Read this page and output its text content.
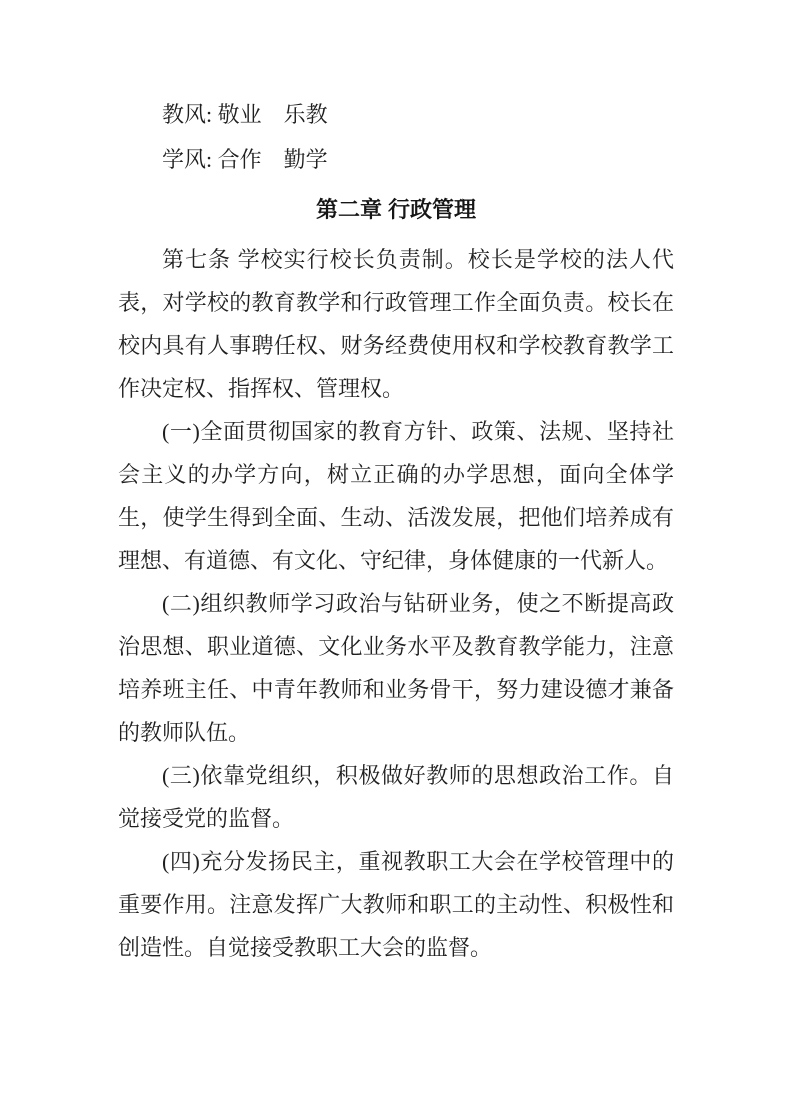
教风: 敬业　乐教

学风: 合作　勤学

第二章 行政管理

第七条 学校实行校长负责制。校长是学校的法人代表，对学校的教育教学和行政管理工作全面负责。校长在校内具有人事聘任权、财务经费使用权和学校教育教学工作决定权、指挥权、管理权。

(一)全面贯彻国家的教育方针、政策、法规、坚持社会主义的办学方向，树立正确的办学思想，面向全体学生，使学生得到全面、生动、活泼发展，把他们培养成有理想、有道德、有文化、守纪律，身体健康的一代新人。

(二)组织教师学习政治与钻研业务，使之不断提高政治思想、职业道德、文化业务水平及教育教学能力，注意培养班主任、中青年教师和业务骨干，努力建设德才兼备的教师队伍。

(三)依靠党组织，积极做好教师的思想政治工作。自觉接受党的监督。

(四)充分发扬民主，重视教职工大会在学校管理中的重要作用。注意发挥广大教师和职工的主动性、积极性和创造性。自觉接受教职工大会的监督。
